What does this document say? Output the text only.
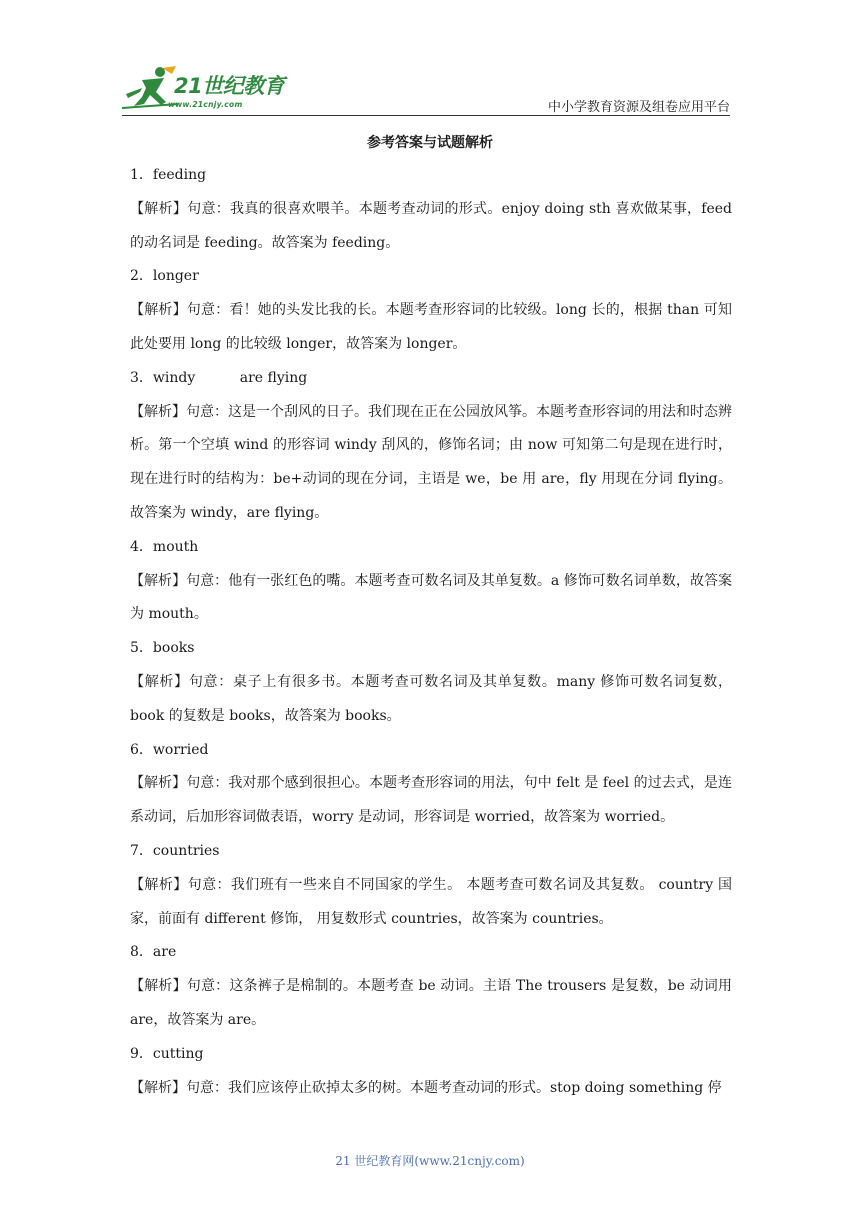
21世纪教育
www.21cnjy.com	中小学教育资源及组卷应用平台
参考答案与试题解析

1．feeding

【解析】句意：我真的很喜欢喂羊。本题考查动词的形式。enjoy doing sth 喜欢做某事，feed 的动名词是 feeding。故答案为 feeding。

2．longer

【解析】句意：看！她的头发比我的长。本题考查形容词的比较级。long 长的，根据 than 可知此处要用 long 的比较级 longer，故答案为 longer。

3．windy          are flying

【解析】句意：这是一个刮风的日子。我们现在正在公园放风筝。本题考查形容词的用法和时态辨析。第一个空填 wind 的形容词 windy 刮风的，修饰名词；由 now 可知第二句是现在进行时，现在进行时的结构为：be+动词的现在分词，主语是 we，be 用 are，fly 用现在分词 flying。故答案为 windy，are flying。

4．mouth

【解析】句意：他有一张红色的嘴。本题考查可数名词及其单复数。a 修饰可数名词单数，故答案为 mouth。

5．books

【解析】句意：桌子上有很多书。本题考查可数名词及其单复数。many 修饰可数名词复数，book 的复数是 books，故答案为 books。

6．worried

【解析】句意：我对那个感到很担心。本题考查形容词的用法，句中 felt 是 feel 的过去式，是连系动词，后加形容词做表语，worry 是动词，形容词是 worried，故答案为 worried。

7．countries

【解析】句意：我们班有一些来自不同国家的学生。 本题考查可数名词及其复数。 country 国家，前面有 different 修饰， 用复数形式 countries，故答案为 countries。

8．are

【解析】句意：这条裤子是棉制的。本题考查 be 动词。主语 The trousers 是复数，be 动词用 are，故答案为 are。

9．cutting

【解析】句意：我们应该停止砍掉太多的树。本题考查动词的形式。stop doing something 停

21 世纪教育网(www.21cnjy.com)
